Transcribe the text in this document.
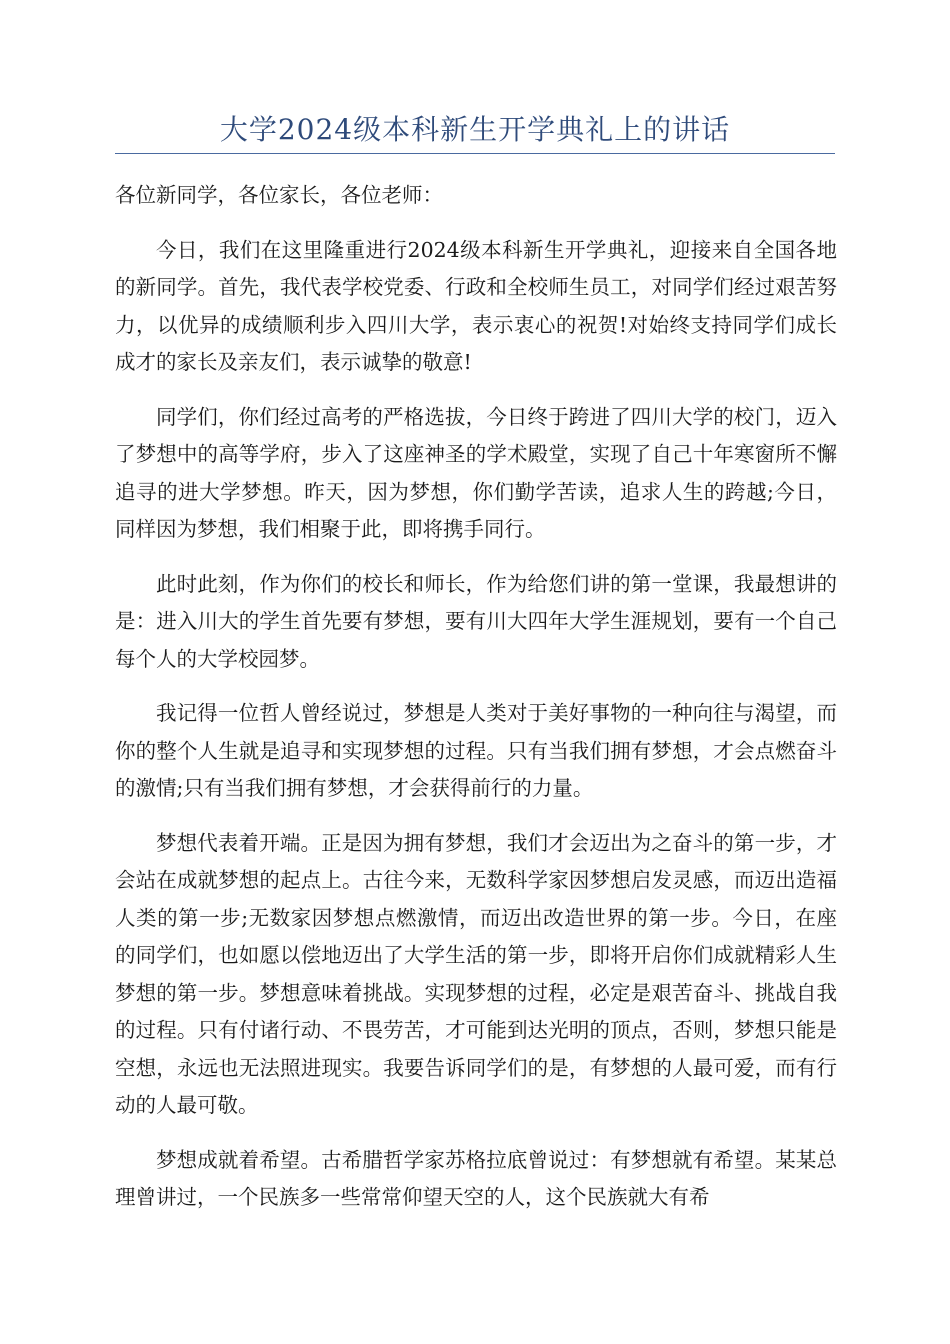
大学2024级本科新生开学典礼上的讲话

各位新同学，各位家长，各位老师：

今日，我们在这里隆重进行2024级本科新生开学典礼，迎接来自全国各地的新同学。首先，我代表学校党委、行政和全校师生员工，对同学们经过艰苦努力，以优异的成绩顺利步入四川大学，表示衷心的祝贺!对始终支持同学们成长成才的家长及亲友们，表示诚挚的敬意!

同学们，你们经过高考的严格选拔，今日终于跨进了四川大学的校门，迈入了梦想中的高等学府，步入了这座神圣的学术殿堂，实现了自己十年寒窗所不懈追寻的进大学梦想。昨天，因为梦想，你们勤学苦读，追求人生的跨越;今日，同样因为梦想，我们相聚于此，即将携手同行。

此时此刻，作为你们的校长和师长，作为给您们讲的第一堂课，我最想讲的是：进入川大的学生首先要有梦想，要有川大四年大学生涯规划，要有一个自己每个人的大学校园梦。

我记得一位哲人曾经说过，梦想是人类对于美好事物的一种向往与渴望，而你的整个人生就是追寻和实现梦想的过程。只有当我们拥有梦想，才会点燃奋斗的激情;只有当我们拥有梦想，才会获得前行的力量。

梦想代表着开端。正是因为拥有梦想，我们才会迈出为之奋斗的第一步，才会站在成就梦想的起点上。古往今来，无数科学家因梦想启发灵感，而迈出造福人类的第一步;无数家因梦想点燃激情，而迈出改造世界的第一步。今日，在座的同学们，也如愿以偿地迈出了大学生活的第一步，即将开启你们成就精彩人生梦想的第一步。梦想意味着挑战。实现梦想的过程，必定是艰苦奋斗、挑战自我的过程。只有付诸行动、不畏劳苦，才可能到达光明的顶点，否则，梦想只能是空想，永远也无法照进现实。我要告诉同学们的是，有梦想的人最可爱，而有行动的人最可敬。

梦想成就着希望。古希腊哲学家苏格拉底曾说过：有梦想就有希望。某某总理曾讲过，一个民族多一些常常仰望天空的人，这个民族就大有希
